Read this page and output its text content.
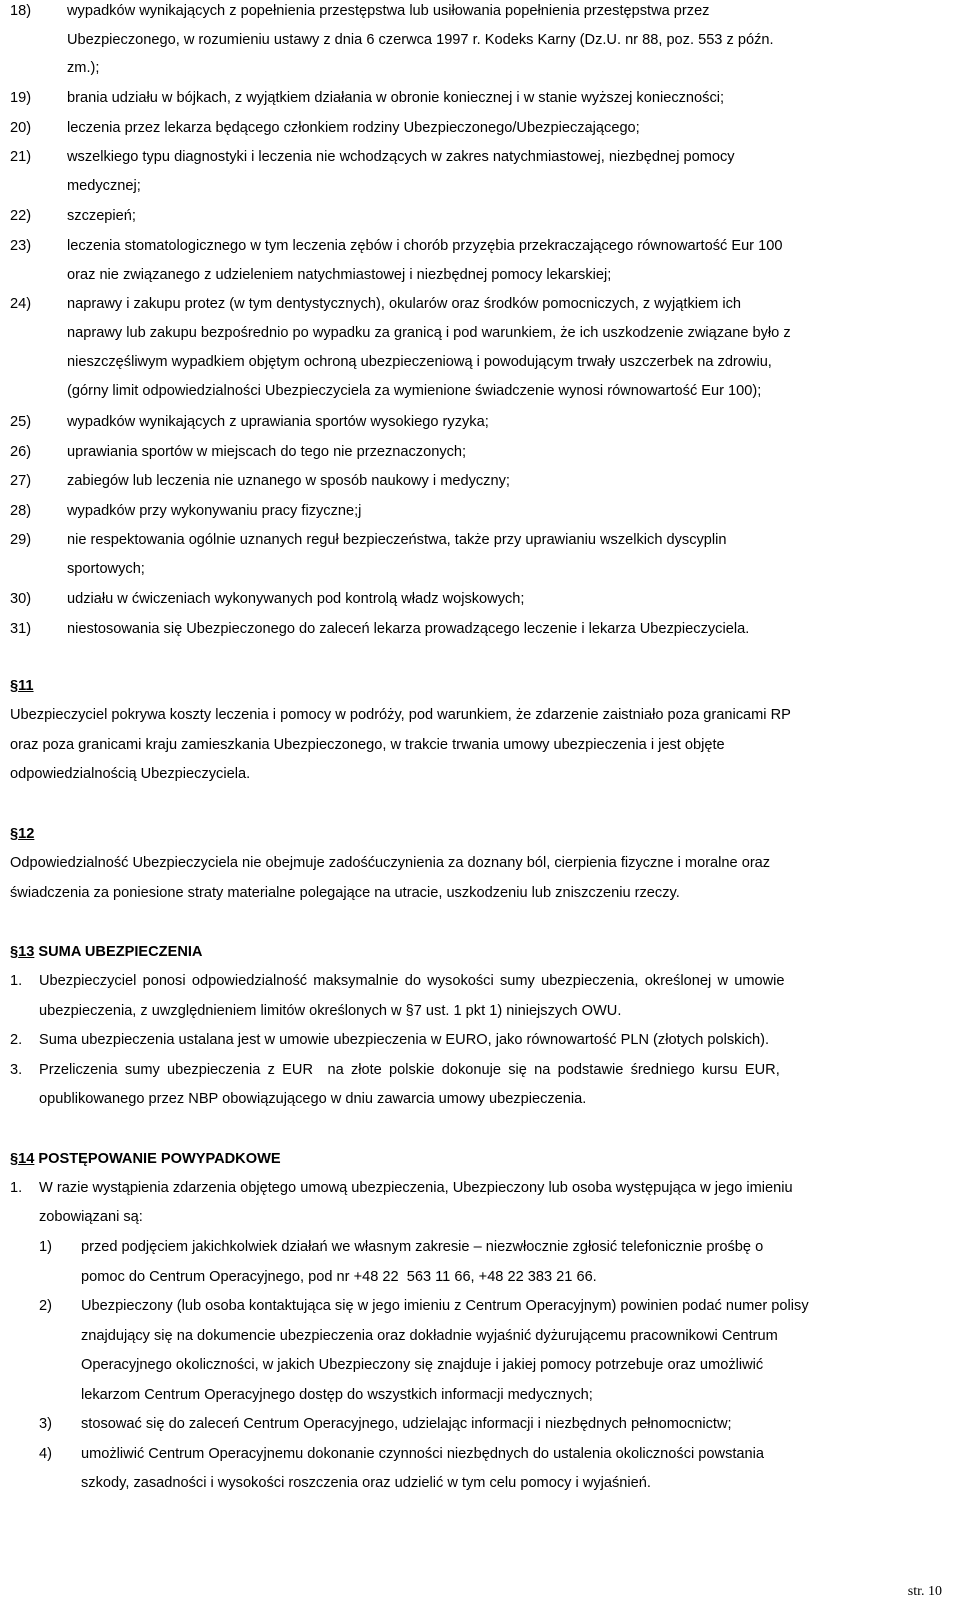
18) wypadków wynikających z popełnienia przestępstwa lub usiłowania popełnienia przestępstwa przez
Ubezpieczonego, w rozumieniu ustawy z dnia 6 czerwca 1997 r. Kodeks Karny (Dz.U. nr 88, poz. 553 z późn.
zm.);
19) brania udziału w bójkach, z wyjątkiem działania w obronie koniecznej i w stanie wyższej konieczności;
20) leczenia przez lekarza będącego członkiem rodziny Ubezpieczonego/Ubezpieczającego;
21) wszelkiego typu diagnostyki i leczenia nie wchodzących w zakres natychmiastowej, niezbędnej pomocy
medycznej;
22) szczepień;
23) leczenia stomatologicznego w tym leczenia zębów i chorób przyzębia przekraczającego równowartość Eur 100
oraz nie związanego z udzieleniem natychmiastowej i niezbędnej pomocy lekarskiej;
24) naprawy i zakupu protez (w tym dentystycznych), okularów oraz środków pomocniczych, z wyjątkiem ich
naprawy lub zakupu bezpośrednio po wypadku za granicą i pod warunkiem, że ich uszkodzenie związane było z
nieszczęśliwym wypadkiem objętym ochroną ubezpieczeniową i powodującym trwały uszczerbek na zdrowiu,
(górny limit odpowiedzialności Ubezpieczyciela za wymienione świadczenie wynosi równowartość Eur 100);
25) wypadków wynikających z uprawiania sportów wysokiego ryzyka;
26) uprawiania sportów w miejscach do tego nie przeznaczonych;
27) zabiegów lub leczenia nie uznanego w sposób naukowy i medyczny;
28) wypadków przy wykonywaniu pracy fizyczne;j
29) nie respektowania ogólnie uznanych reguł bezpieczeństwa, także przy uprawianiu wszelkich dyscyplin
sportowych;
30) udziału w ćwiczeniach wykonywanych pod kontrolą władz wojskowych;
31) niestosowania się Ubezpieczonego do zaleceń lekarza prowadzącego leczenie i lekarza Ubezpieczyciela.
§11
Ubezpieczyciel pokrywa koszty leczenia i pomocy w podróży, pod warunkiem, że zdarzenie zaistniało poza granicami RP
oraz poza granicami kraju zamieszkania Ubezpieczonego, w trakcie trwania umowy ubezpieczenia i jest objęte
odpowiedzialnością Ubezpieczyciela.
§12
Odpowiedzialność Ubezpieczyciela nie obejmuje zadośćuczynienia za doznany ból, cierpienia fizyczne i moralne oraz
świadczenia za poniesione straty materialne polegające na utracie, uszkodzeniu lub zniszczeniu rzeczy.
§13 SUMA UBEZPIECZENIA
1. Ubezpieczyciel ponosi odpowiedzialność maksymalnie do wysokości sumy ubezpieczenia, określonej w umowie
ubezpieczenia, z uwzględnieniem limitów określonych w §7 ust. 1 pkt 1) niniejszych OWU.
2. Suma ubezpieczenia ustalana jest w umowie ubezpieczenia w EURO, jako równowartość PLN (złotych polskich).
3. Przeliczenia sumy ubezpieczenia z EUR  na złote polskie dokonuje się na podstawie średniego kursu EUR,
opublikowanego przez NBP obowiązującego w dniu zawarcia umowy ubezpieczenia.
§14 POSTĘPOWANIE POWYPADKOWE
1. W razie wystąpienia zdarzenia objętego umową ubezpieczenia, Ubezpieczony lub osoba występująca w jego imieniu
zobowiązani są:
1) przed podjęciem jakichkolwiek działań we własnym zakresie – niezwłocznie zgłosić telefonicznie prośbę o
pomoc do Centrum Operacyjnego, pod nr +48 22  563 11 66, +48 22 383 21 66.
2) Ubezpieczony (lub osoba kontaktująca się w jego imieniu z Centrum Operacyjnym) powinien podać numer polisy
znajdujący się na dokumencie ubezpieczenia oraz dokładnie wyjaśnić dyżurującemu pracownikowi Centrum
Operacyjnego okoliczności, w jakich Ubezpieczony się znajduje i jakiej pomocy potrzebuje oraz umożliwić
lekarzom Centrum Operacyjnego dostęp do wszystkich informacji medycznych;
3) stosować się do zaleceń Centrum Operacyjnego, udzielając informacji i niezbędnych pełnomocnictw;
4) umożliwić Centrum Operacyjnemu dokonanie czynności niezbędnych do ustalenia okoliczności powstania
szkody, zasadności i wysokości roszczenia oraz udzielić w tym celu pomocy i wyjaśnień.
str. 10
